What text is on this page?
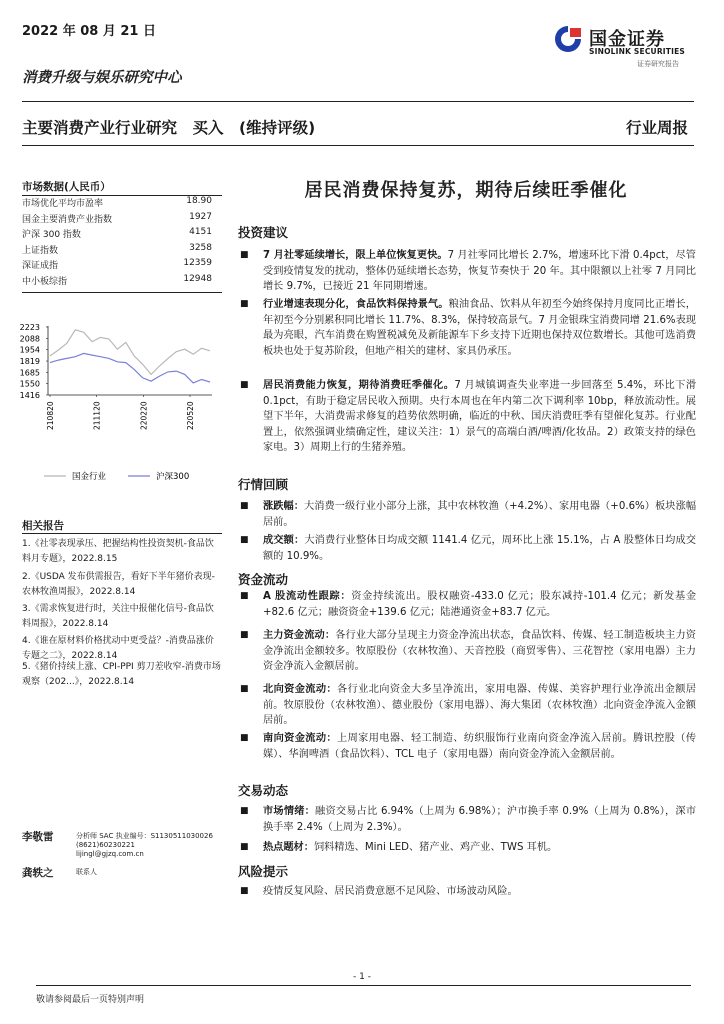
2022 年 08 月 21 日	国金证券
SINOLINK SECURITIES
证券研究报告
消费升级与娱乐研究中心
主要消费产业行业研究　买入　(维持评级)	行业周报
居民消费保持复苏，期待后续旺季催化
市场数据(人民币）
市场优化平均市盈率	18.90
国金主要消费产业指数	1927
沪深 300 指数	4151
上证指数	3258
深证成指	12359
中小板综指	12948
2223
2088
1954
1819
1685
1550
1416
210820	211120	220220	220520
国金行业	沪深300
相关报告
1.《社零表现承压、把握结构性投资契机-食品饮料月专题》，2022.8.15
2.《USDA 发布供需报告，看好下半年猪价表现-农林牧渔周报》，2022.8.14
3.《需求恢复进行时，关注中报催化信号-食品饮料周报》，2022.8.14
4.《谁在原材料价格扰动中更受益？-消费品涨价专题之二》，2022.8.14
5.《猪价持续上涨、CPI-PPI 剪刀差收窄-消费市场观察（202...》，2022.8.14
李敬雷	分析师 SAC 执业编号：S1130511030026
(8621)60230221
lijingl@gjzq.com.cn
龚轶之	联系人
投资建议
■ 7 月社零延续增长，限上单位恢复更快。7 月社零同比增长 2.7%，增速环比下滑 0.4pct，尽管受到疫情复发的扰动，整体仍延续增长态势，恢复节奏快于 20 年。其中限额以上社零 7 月同比增长 9.7%，已接近 21 年同期增速。
■ 行业增速表现分化，食品饮料保持景气。粮油食品、饮料从年初至今始终保持月度同比正增长，年初至今分别累积同比增长 11.7%、8.3%，保持较高景气。7 月金银珠宝消费同增 21.6%表现最为亮眼，汽车消费在购置税减免及新能源车下乡支持下近期也保持双位数增长。其他可选消费板块也处于复苏阶段，但地产相关的建材、家具仍承压。
■ 居民消费能力恢复，期待消费旺季催化。7 月城镇调查失业率进一步回落至 5.4%，环比下滑 0.1pct，有助于稳定居民收入预期。央行本周也在年内第二次下调利率 10bp，释放流动性。展望下半年，大消费需求修复的趋势依然明确，临近的中秋、国庆消费旺季有望催化复苏。行业配置上，依然强调业绩确定性，建议关注：1）景气的高端白酒/啤酒/化妆品。2）政策支持的绿色家电。3）周期上行的生猪养殖。
行情回顾
■ 涨跌幅：大消费一级行业小部分上涨，其中农林牧渔（+4.2%）、家用电器（+0.6%）板块涨幅居前。
■ 成交额：大消费行业整体日均成交额 1141.4 亿元，周环比上涨 15.1%，占 A 股整体日均成交额的 10.9%。
资金流动
■ A 股流动性跟踪：资金持续流出。股权融资-433.0 亿元；股东减持-101.4 亿元；新发基金+82.6 亿元；融资资金+139.6 亿元；陆港通资金+83.7 亿元。
■ 主力资金流动：各行业大部分呈现主力资金净流出状态，食品饮料、传媒、轻工制造板块主力资金净流出金额较多。牧原股份（农林牧渔）、天音控股（商贸零售）、三花智控（家用电器）主力资金净流入金额居前。
■ 北向资金流动：各行业北向资金大多呈净流出，家用电器、传媒、美容护理行业净流出金额居前。牧原股份（农林牧渔）、德业股份（家用电器）、海大集团（农林牧渔）北向资金净流入金额居前。
■ 南向资金流动：上周家用电器、轻工制造、纺织服饰行业南向资金净流入居前。腾讯控股（传媒）、华润啤酒（食品饮料）、TCL 电子（家用电器）南向资金净流入金额居前。
交易动态
■ 市场情绪：融资交易占比 6.94%（上周为 6.98%）；沪市换手率 0.9%（上周为 0.8%），深市换手率 2.4%（上周为 2.3%）。
■ 热点题材：饲料精选、Mini LED、猪产业、鸡产业、TWS 耳机。
风险提示
■ 疫情反复风险、居民消费意愿不足风险、市场波动风险。
- 1 -
敬请参阅最后一页特别声明
